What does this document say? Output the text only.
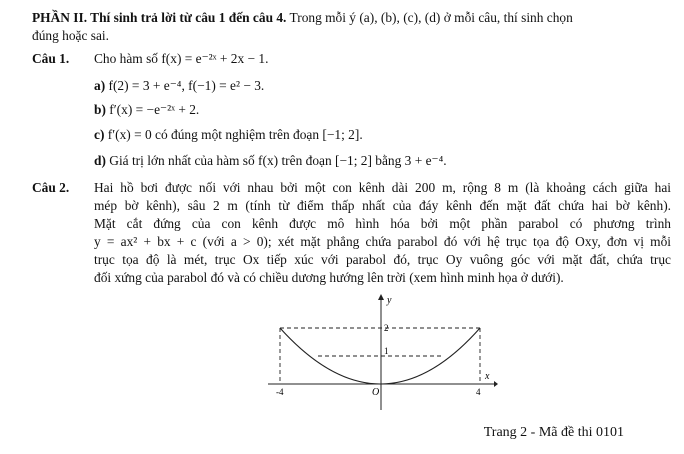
PHẦN II. Thí sinh trả lời từ câu 1 đến câu 4. Trong mỗi ý (a), (b), (c), (d) ở mỗi câu, thí sinh chọn
đúng hoặc sai.
Câu 1. Cho hàm số f(x) = e⁻²ˣ + 2x − 1.
a) f(2) = 3 + e⁻⁴, f(−1) = e² − 3.
b) f′(x) = −e⁻²ˣ + 2.
c) f′(x) = 0 có đúng một nghiệm trên đoạn [−1; 2].
d) Giá trị lớn nhất của hàm số f(x) trên đoạn [−1; 2] bằng 3 + e⁻⁴.
Câu 2. Hai hồ bơi được nối với nhau bởi một con kênh dài 200 m, rộng 8 m (là khoảng cách giữa hai
mép bờ kênh), sâu 2 m (tính từ điểm thấp nhất của đáy kênh đến mặt đất chứa hai bờ kênh).
Mặt cắt đứng của con kênh được mô hình hóa bởi một phần parabol có phương trình
y = ax² + bx + c (với a > 0); xét mặt phẳng chứa parabol đó với hệ trục tọa độ Oxy, đơn vị mỗi
trục tọa độ là mét, trục Ox tiếp xúc với parabol đó, trục Oy vuông góc với mặt đất, chứa trục
đối xứng của parabol đó và có chiều dương hướng lên trời (xem hình minh họa ở dưới).
y
x
O
2
1
-4	4
Trang 2 - Mã đề thi 0101
